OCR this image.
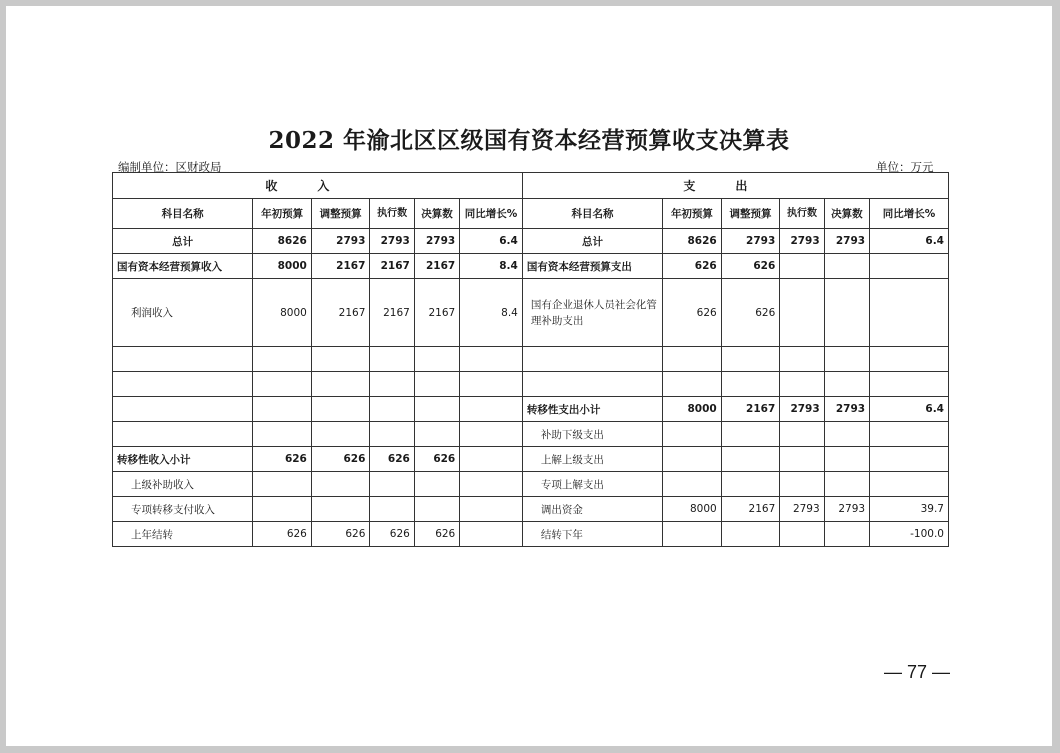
2022 年渝北区区级国有资本经营预算收支决算表
编制单位：区财政局	单位：万元
收入						支出					
科目名称	年初预算	调整预算	执行数	决算数	同比增长%	科目名称	年初预算	调整预算	执行数	决算数	同比增长%
总计	8626	2793	2793	2793	6.4	总计	8626	2793	2793	2793	6.4
国有资本经营预算收入	8000	2167	2167	2167	8.4	国有资本经营预算支出	626	626			
利润收入	8000	2167	2167	2167	8.4	国有企业退休人员社会化管理补助支出	626	626			

						转移性支出小计	8000	2167	2793	2793	6.4
						补助下级支出					
转移性收入小计	626	626	626	626		上解上级支出					
上级补助收入						专项上解支出					
专项转移支付收入						调出资金	8000	2167	2793	2793	39.7
上年结转	626	626	626	626		结转下年					-100.0
— 77 —
